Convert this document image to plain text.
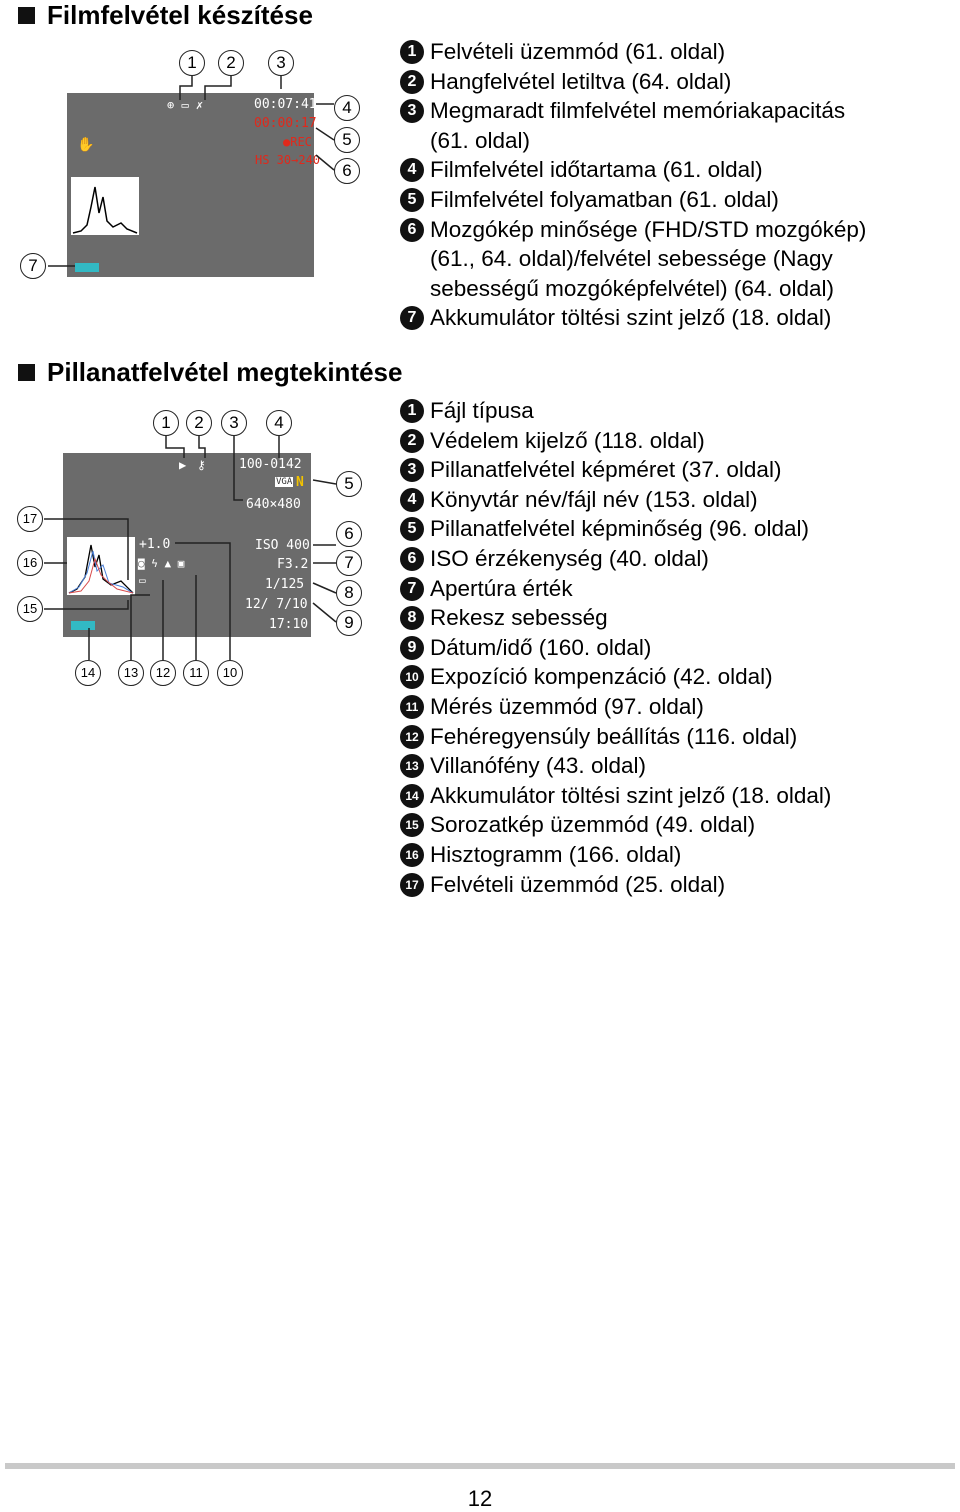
Filmfelvétel készítése
⊕ ▭ ✗	00:07:41
00:00:17
●REC
HS 30→240
✋
1	2	3
4
5
6
7
1 Felvételi üzemmód (61. oldal)
2 Hangfelvétel letiltva (64. oldal)
3 Megmaradt filmfelvétel memóriakapacitás
(61. oldal)
4 Filmfelvétel időtartama (61. oldal)
5 Filmfelvétel folyamatban (61. oldal)
6 Mozgókép minősége (FHD/STD mozgókép)
(61., 64. oldal)/felvétel sebessége (Nagy
sebességű mozgóképfelvétel) (64. oldal)
7 Akkumulátor töltési szint jelző (18. oldal)
Pillanatfelvétel megtekintése
▶ ⚷	100-0142
VGA N
640×480
+1.0
◙ ϟ ▲ ▣
ISO 400
F3.2
1/125
12/ 7/10
17:10
▭
1	2	3	4
5
6
7
8
9
10
11
12
13
14
15
16
17
1 Fájl típusa
2 Védelem kijelző (118. oldal)
3 Pillanatfelvétel képméret (37. oldal)
4 Könyvtár név/fájl név (153. oldal)
5 Pillanatfelvétel képminőség (96. oldal)
6 ISO érzékenység (40. oldal)
7 Apertúra érték
8 Rekesz sebesség
9 Dátum/idő (160. oldal)
10 Expozíció kompenzáció (42. oldal)
11 Mérés üzemmód (97. oldal)
12 Fehéregyensúly beállítás (116. oldal)
13 Villanófény (43. oldal)
14 Akkumulátor töltési szint jelző (18. oldal)
15 Sorozatkép üzemmód (49. oldal)
16 Hisztogramm (166. oldal)
17 Felvételi üzemmód (25. oldal)
12
